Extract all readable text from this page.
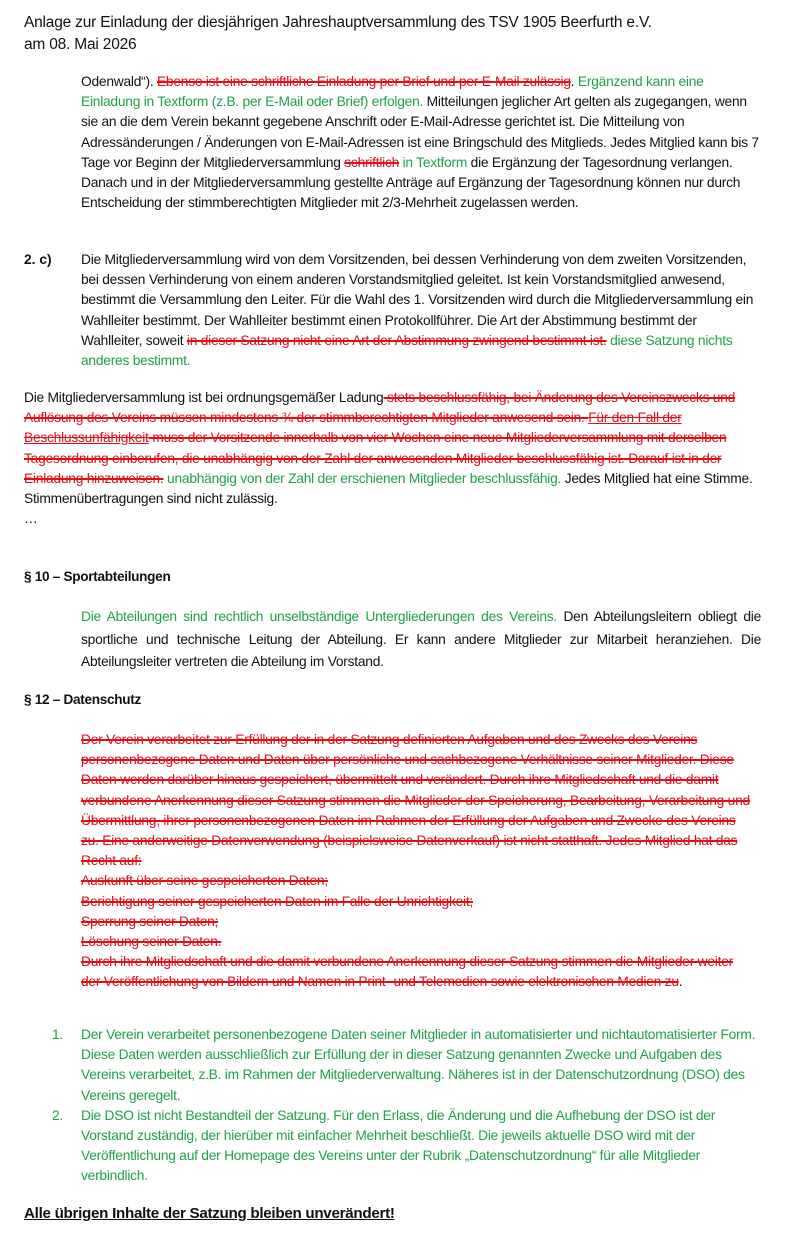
Anlage zur Einladung der diesjährigen Jahreshauptversammlung des TSV 1905 Beerfurth e.V.
am 08. Mai 2026
Odenwald“). Ebenso ist eine schriftliche Einladung per Brief und per E-Mail zulässig. Ergänzend kann eine Einladung in Textform (z.B. per E-Mail oder Brief) erfolgen. Mitteilungen jeglicher Art gelten als zugegangen, wenn sie an die dem Verein bekannt gegebene Anschrift oder E-Mail-Adresse gerichtet ist. Die Mitteilung von Adressänderungen / Änderungen von E-Mail-Adressen ist eine Bringschuld des Mitglieds. Jedes Mitglied kann bis 7 Tage vor Beginn der Mitgliederversammlung schriftlich in Textform die Ergänzung der Tagesordnung verlangen. Danach und in der Mitgliederversammlung gestellte Anträge auf Ergänzung der Tagesordnung können nur durch Entscheidung der stimmberechtigten Mitglieder mit 2/3-Mehrheit zugelassen werden.
2. c) Die Mitgliederversammlung wird von dem Vorsitzenden, bei dessen Verhinderung von dem zweiten Vorsitzenden, bei dessen Verhinderung von einem anderen Vorstandsmitglied geleitet. Ist kein Vorstandsmitglied anwesend, bestimmt die Versammlung den Leiter. Für die Wahl des 1. Vorsitzenden wird durch die Mitgliederversammlung ein Wahlleiter bestimmt. Der Wahlleiter bestimmt einen Protokollführer. Die Art der Abstimmung bestimmt der Wahlleiter, soweit in dieser Satzung nicht eine Art der Abstimmung zwingend bestimmt ist. diese Satzung nichts anderes bestimmt.
Die Mitgliederversammlung ist bei ordnungsgemäßer Ladung stets beschlussfähig, bei Änderung des Vereinszwecks und Auflösung des Vereins müssen mindestens ¾ der stimmberechtigten Mitglieder anwesend sein. Für den Fall der Beschlussunfähigkeit muss der Vorsitzende innerhalb von vier Wochen eine neue Mitgliederversammlung mit derselben Tagesordnung einberufen, die unabhängig von der Zahl der anwesenden Mitglieder beschlussfähig ist. Darauf ist in der Einladung hinzuweisen. unabhängig von der Zahl der erschienen Mitglieder beschlussfähig. Jedes Mitglied hat eine Stimme. Stimmenübertragungen sind nicht zulässig.
…
§ 10 – Sportabteilungen
Die Abteilungen sind rechtlich unselbständige Untergliederungen des Vereins. Den Abteilungsleitern obliegt die sportliche und technische Leitung der Abteilung. Er kann andere Mitglieder zur Mitarbeit heranziehen. Die Abteilungsleiter vertreten die Abteilung im Vorstand.
§ 12 – Datenschutz
Der Verein verarbeitet zur Erfüllung der in der Satzung definierten Aufgaben und des Zwecks des Vereins personenbezogene Daten und Daten über persönliche und sachbezogene Verhältnisse seiner Mitglieder. Diese Daten werden darüber hinaus gespeichert, übermittelt und verändert. Durch ihre Mitgliedschaft und die damit verbundene Anerkennung dieser Satzung stimmen die Mitglieder der Speicherung, Bearbeitung, Verarbeitung und Übermittlung, ihrer personenbezogenen Daten im Rahmen der Erfüllung der Aufgaben und Zwecke des Vereins zu. Eine anderweitige Datenverwendung (beispielsweise Datenverkauf) ist nicht statthaft. Jedes Mitglied hat das Recht auf:
Auskunft über seine gespeicherten Daten;
Berichtigung seiner gespeicherten Daten im Falle der Unrichtigkeit;
Sperrung seiner Daten;
Löschung seiner Daten.
Durch ihre Mitgliedschaft und die damit verbundene Anerkennung dieser Satzung stimmen die Mitglieder weiter der Veröffentlichung von Bildern und Namen in Print- und Telemedien sowie elektronischen Medien zu.
1.	Der Verein verarbeitet personenbezogene Daten seiner Mitglieder in automatisierter und nichtautomatisierter Form. Diese Daten werden ausschließlich zur Erfüllung der in dieser Satzung genannten Zwecke und Aufgaben des Vereins verarbeitet, z.B. im Rahmen der Mitgliederverwaltung. Näheres ist in der Datenschutzordnung (DSO) des Vereins geregelt.
2.	Die DSO ist nicht Bestandteil der Satzung. Für den Erlass, die Änderung und die Aufhebung der DSO ist der Vorstand zuständig, der hierüber mit einfacher Mehrheit beschließt. Die jeweils aktuelle DSO wird mit der Veröffentlichung auf der Homepage des Vereins unter der Rubrik „Datenschutzordnung“ für alle Mitglieder verbindlich.
Alle übrigen Inhalte der Satzung bleiben unverändert!
